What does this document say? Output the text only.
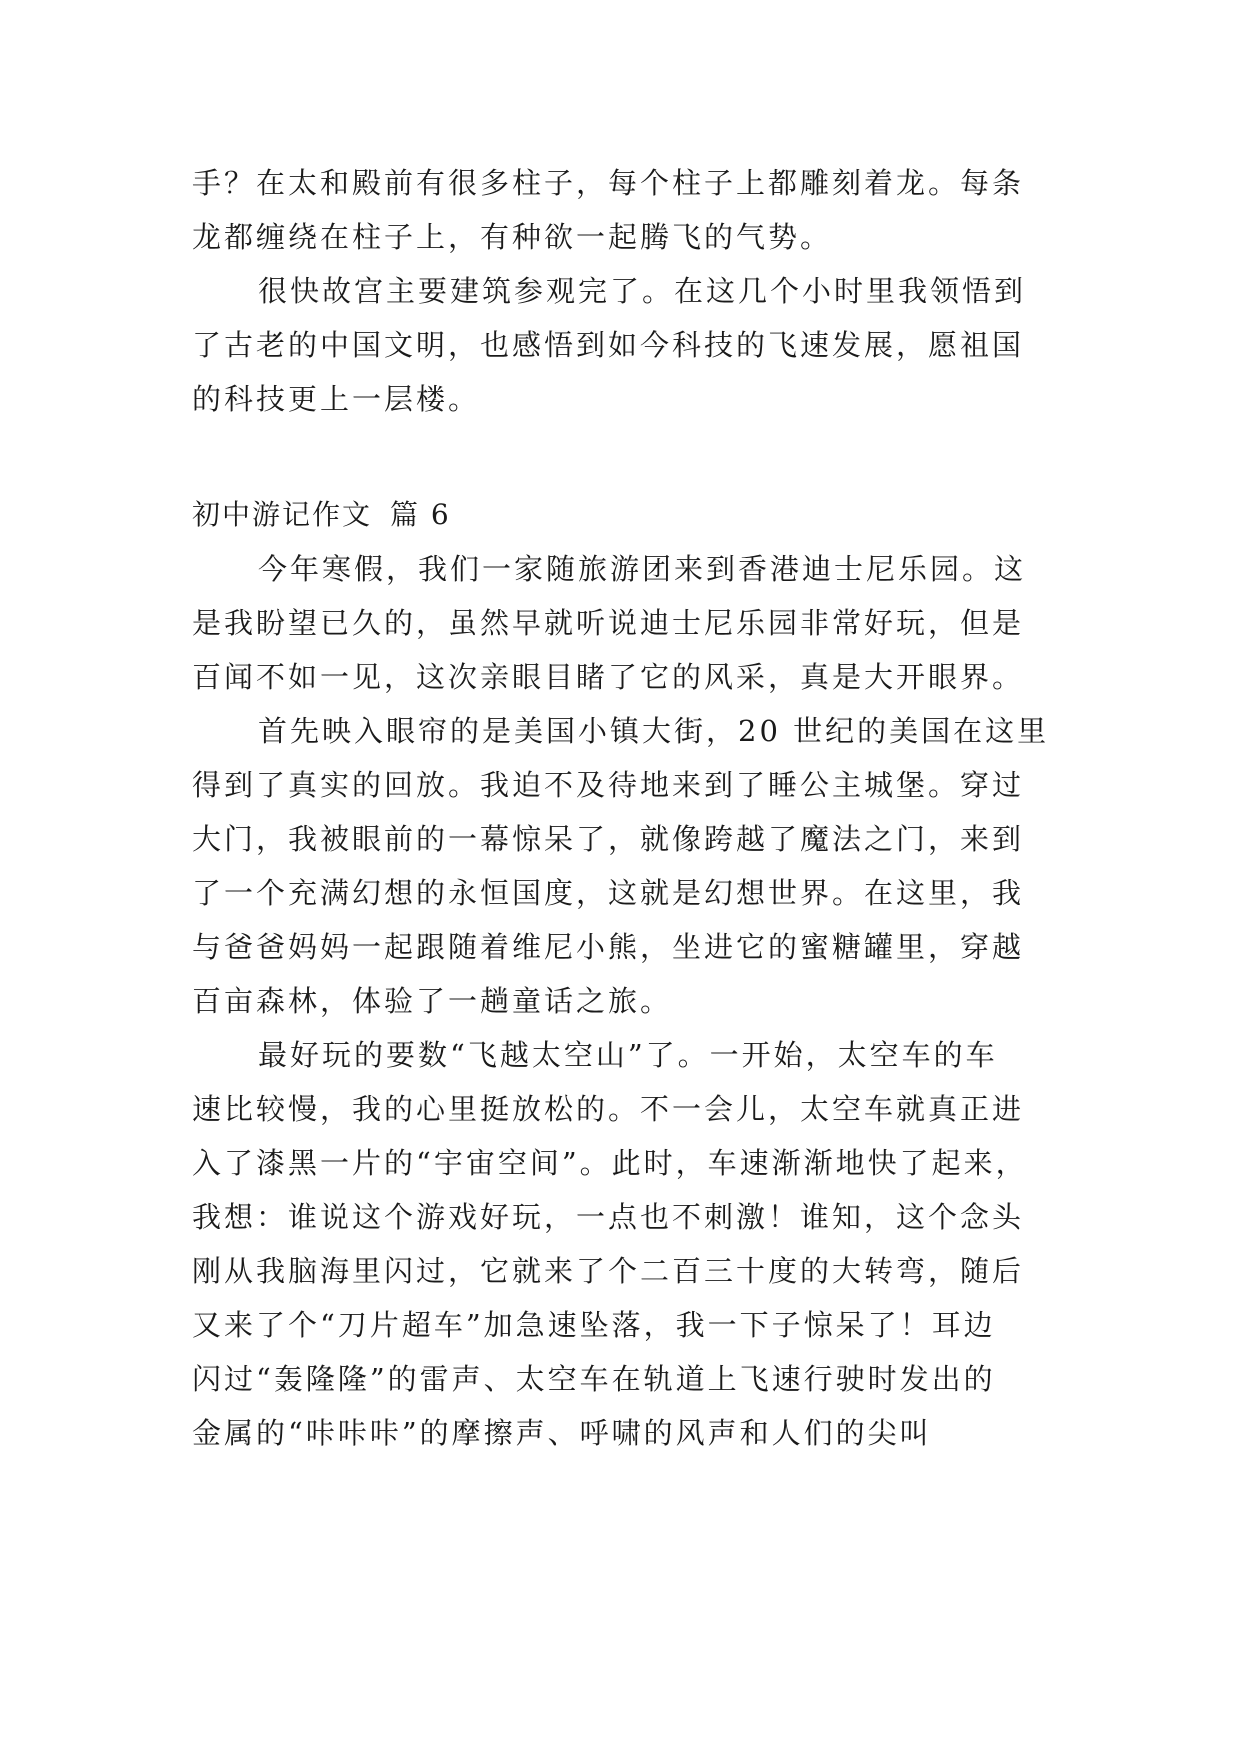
手？在太和殿前有很多柱子，每个柱子上都雕刻着龙。每条
龙都缠绕在柱子上，有种欲一起腾飞的气势。
很快故宫主要建筑参观完了。在这几个小时里我领悟到
了古老的中国文明，也感悟到如今科技的飞速发展，愿祖国
的科技更上一层楼。
初中游记作文 篇 6
今年寒假，我们一家随旅游团来到香港迪士尼乐园。这
是我盼望已久的，虽然早就听说迪士尼乐园非常好玩，但是
百闻不如一见，这次亲眼目睹了它的风采，真是大开眼界。
首先映入眼帘的是美国小镇大街，20 世纪的美国在这里
得到了真实的回放。我迫不及待地来到了睡公主城堡。穿过
大门，我被眼前的一幕惊呆了，就像跨越了魔法之门，来到
了一个充满幻想的永恒国度，这就是幻想世界。在这里，我
与爸爸妈妈一起跟随着维尼小熊，坐进它的蜜糖罐里，穿越
百亩森林，体验了一趟童话之旅。
最好玩的要数“飞越太空山”了。一开始，太空车的车
速比较慢，我的心里挺放松的。不一会儿，太空车就真正进
入了漆黑一片的“宇宙空间”。此时，车速渐渐地快了起来，
我想：谁说这个游戏好玩，一点也不刺激！谁知，这个念头
刚从我脑海里闪过，它就来了个二百三十度的大转弯，随后
又来了个“刀片超车”加急速坠落，我一下子惊呆了！耳边
闪过“轰隆隆”的雷声、太空车在轨道上飞速行驶时发出的
金属的“咔咔咔”的摩擦声、呼啸的风声和人们的尖叫
